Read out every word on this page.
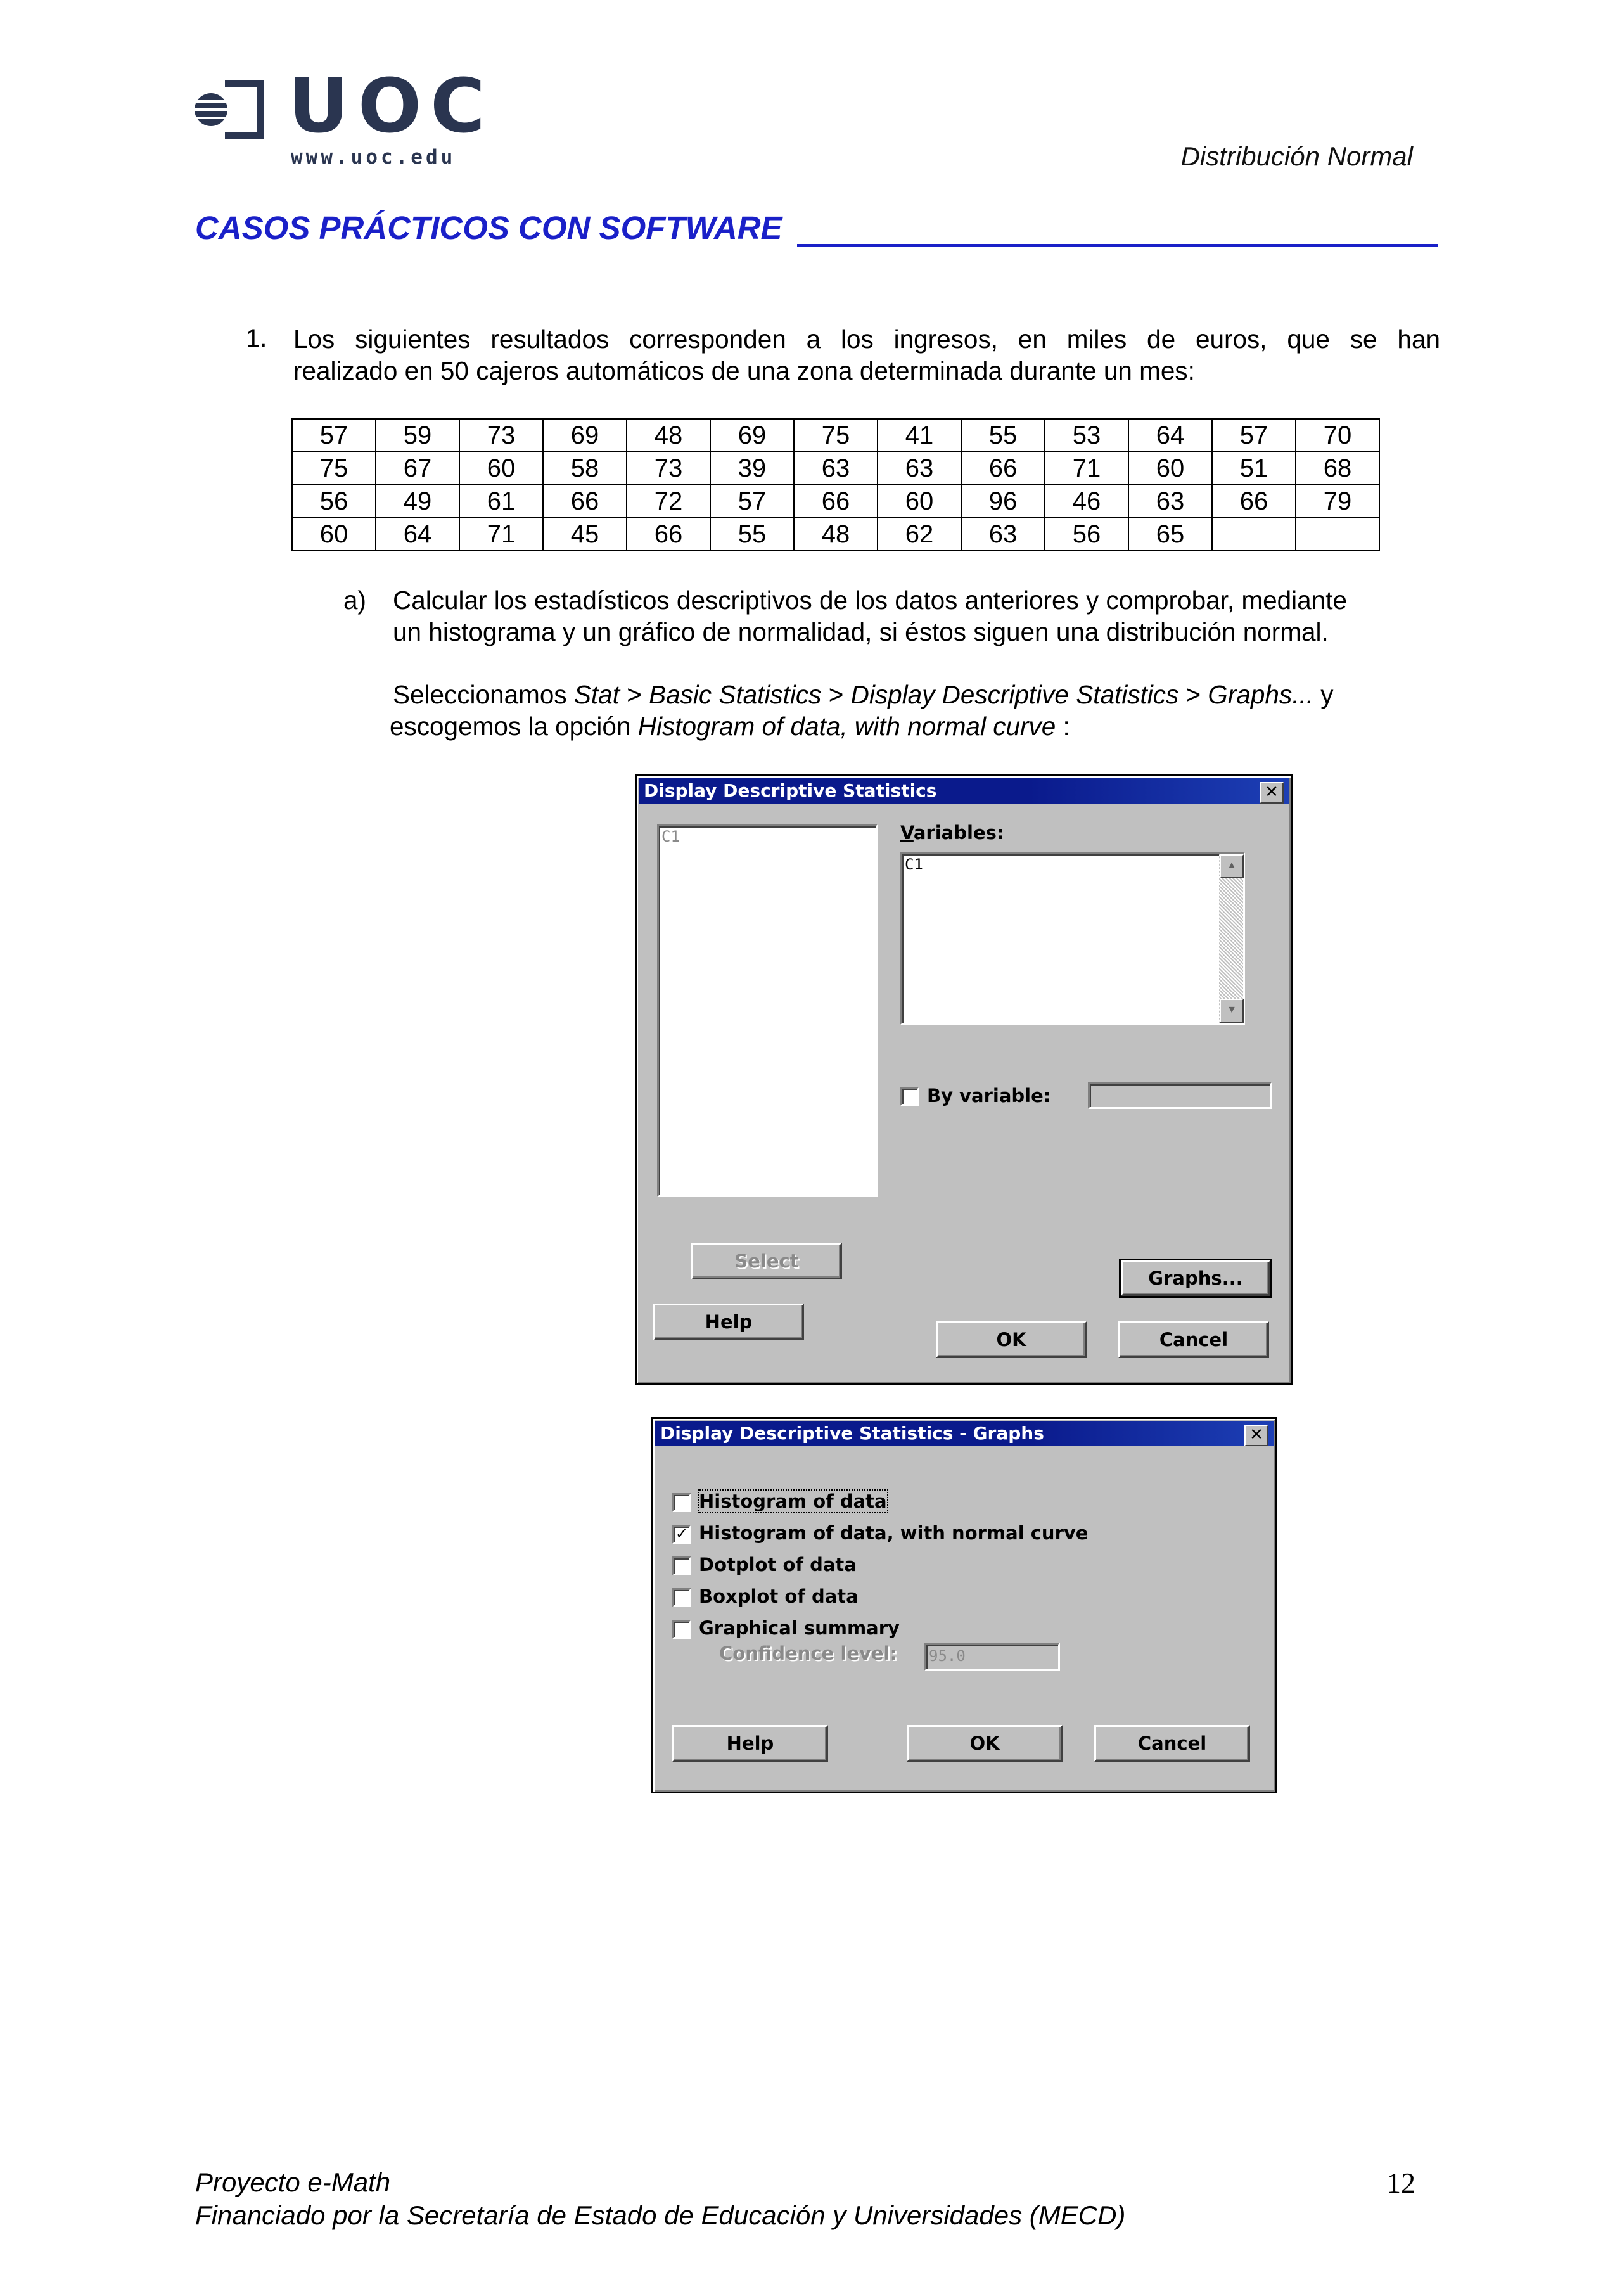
UOC
www.uoc.edu	Distribución Normal
CASOS PRÁCTICOS CON SOFTWARE
1. Los siguientes resultados corresponden a los ingresos, en miles de euros, que se han
realizado en 50 cajeros automáticos de una zona determinada durante un mes:
57	59	73	69	48	69	75	41	55	53	64	57	70
75	67	60	58	73	39	63	63	66	71	60	51	68
56	49	61	66	72	57	66	60	96	46	63	66	79
60	64	71	45	66	55	48	62	63	56	65		
a) Calcular los estadísticos descriptivos de los datos anteriores y comprobar, mediante
un histograma y un gráfico de normalidad, si éstos siguen una distribución normal.
Seleccionamos Stat > Basic Statistics > Display Descriptive Statistics > Graphs... y
escogemos la opción Histogram of data, with normal curve :
Display Descriptive Statistics	✕
C1	Variables:
C1	▲
▼
By variable:
Select
Graphs...
Help
OK	Cancel
Display Descriptive Statistics - Graphs	✕
Histogram of data
✓ Histogram of data, with normal curve
Dotplot of data
Boxplot of data
Graphical summary
Confidence level: 95.0
Help	OK	Cancel
Proyecto e-Math
Financiado por la Secretaría de Estado de Educación y Universidades (MECD)
12
